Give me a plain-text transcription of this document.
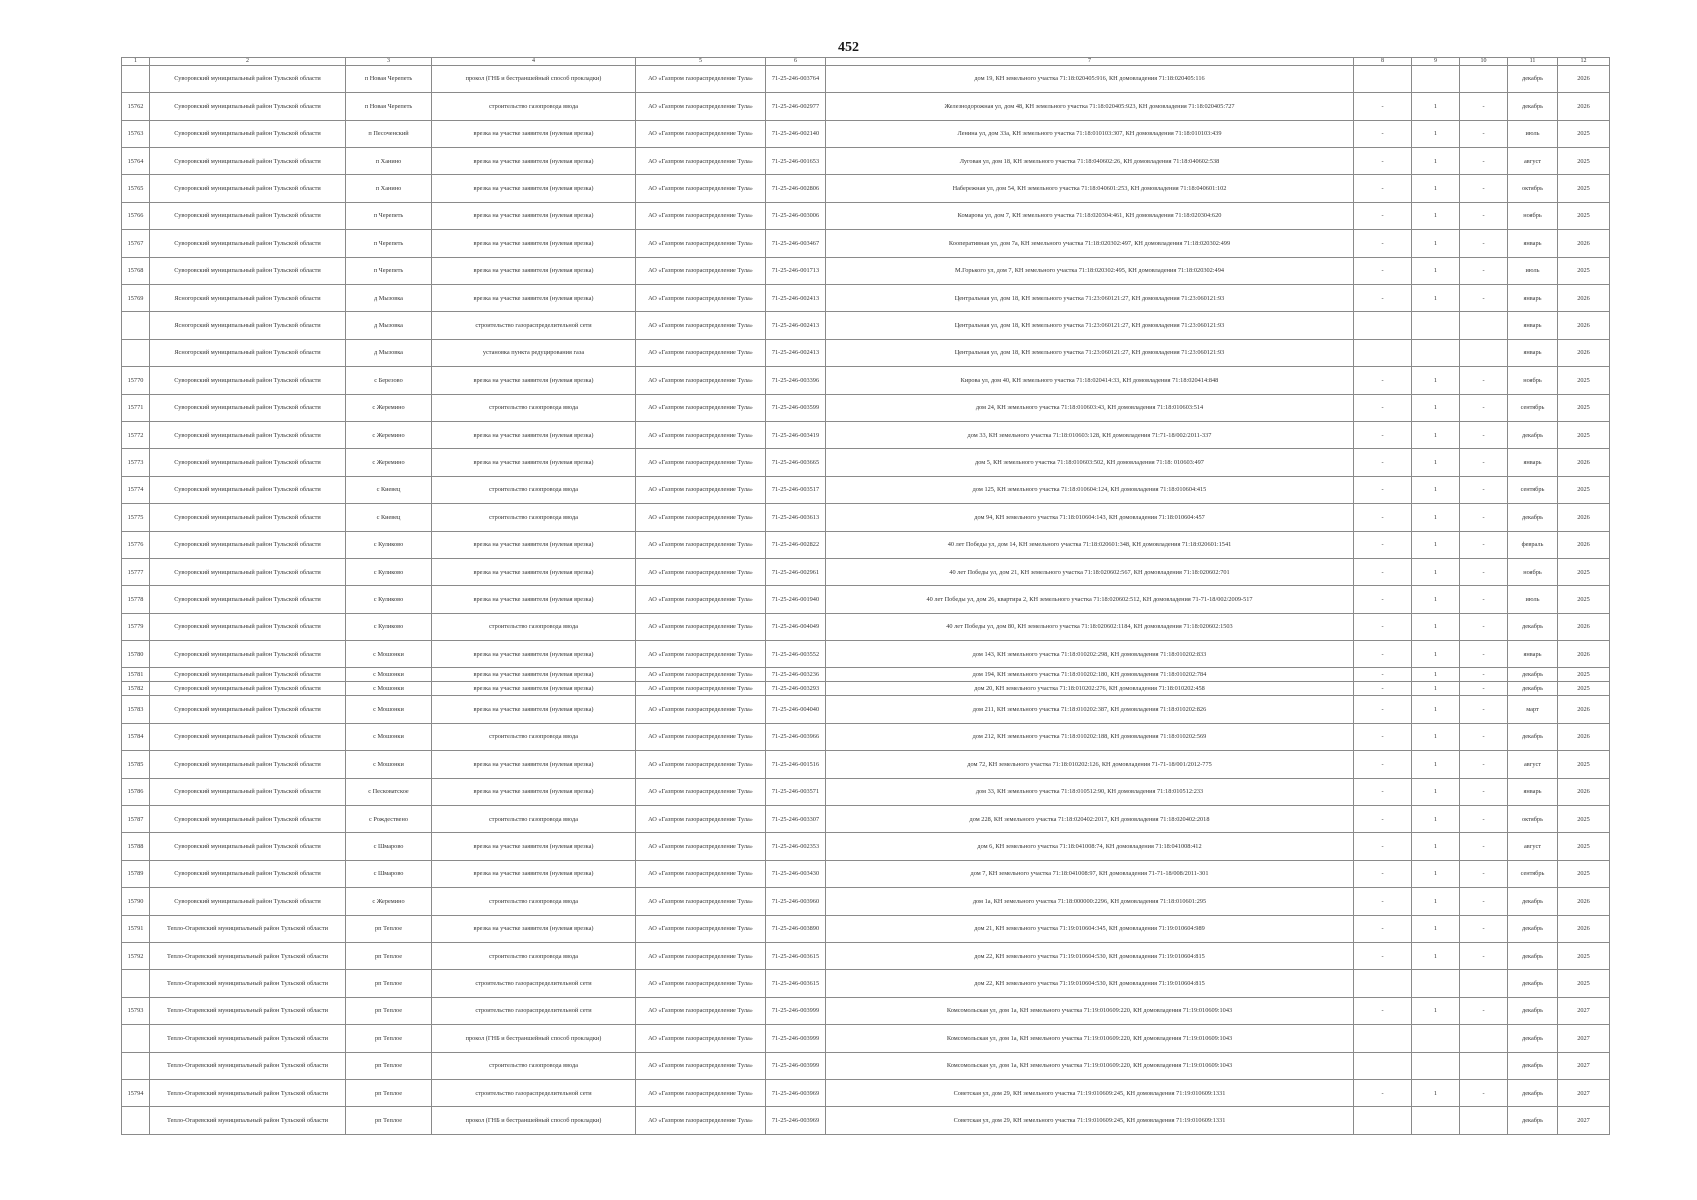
452
1	2	3	4	5	6	7	8	9	10	11	12
	Суворовский муниципальный район Тульской области	п Новая Черепеть	прокол (ГНБ и бестраншейный способ прокладки)	АО «Газпром газораспределение Тула»	71-25-246-003764	дом 19, КН земельного участка 71:18:020405:916, КН домовладения 71:18:020405:116				декабрь	2026
15762	Суворовский муниципальный район Тульской области	п Новая Черепеть	строительство газопровода ввода	АО «Газпром газораспределение Тула»	71-25-246-002977	Железнодорожная ул, дом 48, КН земельного участка 71:18:020405:923, КН домовладения 71:18:020405:727	-	1	-	декабрь	2026
15763	Суворовский муниципальный район Тульской области	п Песоченский	врезка на участке заявителя (нулевая врезка)	АО «Газпром газораспределение Тула»	71-25-246-002140	Ленина ул, дом 33а, КН земельного участка 71:18:010103:307, КН домовладения 71:18:010103:439	-	1	-	июль	2025
15764	Суворовский муниципальный район Тульской области	п Ханино	врезка на участке заявителя (нулевая врезка)	АО «Газпром газораспределение Тула»	71-25-246-001653	Луговая ул, дом 18, КН земельного участка 71:18:040602:26, КН домовладения 71:18:040602:538	-	1	-	август	2025
15765	Суворовский муниципальный район Тульской области	п Ханино	врезка на участке заявителя (нулевая врезка)	АО «Газпром газораспределение Тула»	71-25-246-002806	Набережная ул, дом 54, КН земельного участка 71:18:040601:253, КН домовладения 71:18:040601:102	-	1	-	октябрь	2025
15766	Суворовский муниципальный район Тульской области	п Черепеть	врезка на участке заявителя (нулевая врезка)	АО «Газпром газораспределение Тула»	71-25-246-003006	Комарова ул, дом 7, КН земельного участка 71:18:020304:461, КН домовладения 71:18:020304:620	-	1	-	ноябрь	2025
15767	Суворовский муниципальный район Тульской области	п Черепеть	врезка на участке заявителя (нулевая врезка)	АО «Газпром газораспределение Тула»	71-25-246-003467	Кооперативная ул, дом 7а, КН земельного участка 71:18:020302:497, КН домовладения 71:18:020302:499	-	1	-	январь	2026
15768	Суворовский муниципальный район Тульской области	п Черепеть	врезка на участке заявителя (нулевая врезка)	АО «Газпром газораспределение Тула»	71-25-246-001713	М.Горького ул, дом 7, КН земельного участка 71:18:020302:495, КН домовладения 71:18:020302:494	-	1	-	июль	2025
15769	Ясногорский муниципальный район Тульской области	д Мызовка	врезка на участке заявителя (нулевая врезка)	АО «Газпром газораспределение Тула»	71-25-246-002413	Центральная ул, дом 18, КН земельного участка 71:23:060121:27, КН домовладения 71:23:060121:93	-	1	-	январь	2026
	Ясногорский муниципальный район Тульской области	д Мызовка	строительство газораспределительной сети	АО «Газпром газораспределение Тула»	71-25-246-002413	Центральная ул, дом 18, КН земельного участка 71:23:060121:27, КН домовладения 71:23:060121:93				январь	2026
	Ясногорский муниципальный район Тульской области	д Мызовка	установка пункта редуцирования газа	АО «Газпром газораспределение Тула»	71-25-246-002413	Центральная ул, дом 18, КН земельного участка 71:23:060121:27, КН домовладения 71:23:060121:93				январь	2026
15770	Суворовский муниципальный район Тульской области	с Березово	врезка на участке заявителя (нулевая врезка)	АО «Газпром газораспределение Тула»	71-25-246-003396	Кирова ул, дом 40, КН земельного участка 71:18:020414:33, КН домовладения 71:18:020414:848	-	1	-	ноябрь	2025
15771	Суворовский муниципальный район Тульской области	с Жеремино	строительство газопровода ввода	АО «Газпром газораспределение Тула»	71-25-246-003599	дом 24, КН земельного участка 71:18:010603:43, КН домовладения 71:18:010603:514	-	1	-	сентябрь	2025
15772	Суворовский муниципальный район Тульской области	с Жеремино	врезка на участке заявителя (нулевая врезка)	АО «Газпром газораспределение Тула»	71-25-246-003419	дом 33, КН земельного участка 71:18:010603:128, КН домовладения 71:71-18/002/2011-337	-	1	-	декабрь	2025
15773	Суворовский муниципальный район Тульской области	с Жеремино	врезка на участке заявителя (нулевая врезка)	АО «Газпром газораспределение Тула»	71-25-246-003665	дом 5, КН земельного участка 71:18:010603:502, КН домовладения 71:18: 010603:497	-	1	-	январь	2026
15774	Суворовский муниципальный район Тульской области	с Киевец	строительство газопровода ввода	АО «Газпром газораспределение Тула»	71-25-246-003517	дом 125, КН земельного участка 71:18:010604:124, КН домовладения 71:18:010604:415	-	1	-	сентябрь	2025
15775	Суворовский муниципальный район Тульской области	с Киевец	строительство газопровода ввода	АО «Газпром газораспределение Тула»	71-25-246-003613	дом 94, КН земельного участка 71:18:010604:143, КН домовладения 71:18:010604:457	-	1	-	декабрь	2026
15776	Суворовский муниципальный район Тульской области	с Куликово	врезка на участке заявителя (нулевая врезка)	АО «Газпром газораспределение Тула»	71-25-246-002822	40 лет Победы ул, дом 14, КН земельного участка 71:18:020601:348, КН домовладения 71:18:020601:1541	-	1	-	февраль	2026
15777	Суворовский муниципальный район Тульской области	с Куликово	врезка на участке заявителя (нулевая врезка)	АО «Газпром газораспределение Тула»	71-25-246-002961	40 лет Победы ул, дом 21, КН земельного участка 71:18:020602:567, КН домовладения 71:18:020602:701	-	1	-	ноябрь	2025
15778	Суворовский муниципальный район Тульской области	с Куликово	врезка на участке заявителя (нулевая врезка)	АО «Газпром газораспределение Тула»	71-25-246-001940	40 лет Победы ул, дом 26, квартира 2, КН земельного участка 71:18:020602:512, КН домовладения 71-71-18/002/2009-517	-	1	-	июль	2025
15779	Суворовский муниципальный район Тульской области	с Куликово	строительство газопровода ввода	АО «Газпром газораспределение Тула»	71-25-246-004049	40 лет Победы ул, дом 80, КН земельного участка 71:18:020602:1184, КН домовладения 71:18:020602:1503	-	1	-	декабрь	2026
15780	Суворовский муниципальный район Тульской области	с Мошонки	врезка на участке заявителя (нулевая врезка)	АО «Газпром газораспределение Тула»	71-25-246-003552	дом 143, КН земельного участка 71:18:010202:298, КН домовладения 71:18:010202:833	-	1	-	январь	2026
15781	Суворовский муниципальный район Тульской области	с Мошонки	врезка на участке заявителя (нулевая врезка)	АО «Газпром газораспределение Тула»	71-25-246-003236	дом 194, КН земельного участка 71:18:010202:180, КН домовладения 71:18:010202:784	-	1	-	декабрь	2025
15782	Суворовский муниципальный район Тульской области	с Мошонки	врезка на участке заявителя (нулевая врезка)	АО «Газпром газораспределение Тула»	71-25-246-003293	дом 20, КН земельного участка 71:18:010202:276, КН домовладения 71:18:010202:458	-	1	-	декабрь	2025
15783	Суворовский муниципальный район Тульской области	с Мошонки	врезка на участке заявителя (нулевая врезка)	АО «Газпром газораспределение Тула»	71-25-246-004040	дом 211, КН земельного участка 71:18:010202:387, КН домовладения 71:18:010202:826	-	1	-	март	2026
15784	Суворовский муниципальный район Тульской области	с Мошонки	строительство газопровода ввода	АО «Газпром газораспределение Тула»	71-25-246-003966	дом 212, КН земельного участка 71:18:010202:188, КН домовладения 71:18:010202:569	-	1	-	декабрь	2026
15785	Суворовский муниципальный район Тульской области	с Мошонки	врезка на участке заявителя (нулевая врезка)	АО «Газпром газораспределение Тула»	71-25-246-001516	дом 72, КН земельного участка 71:18:010202:126, КН домовладения 71-71-18/001/2012-775	-	1	-	август	2025
15786	Суворовский муниципальный район Тульской области	с Песковатское	врезка на участке заявителя (нулевая врезка)	АО «Газпром газораспределение Тула»	71-25-246-003571	дом 33, КН земельного участка 71:18:010512:90, КН домовладения 71:18:010512:233	-	1	-	январь	2026
15787	Суворовский муниципальный район Тульской области	с Рождествено	строительство газопровода ввода	АО «Газпром газораспределение Тула»	71-25-246-003307	дом 228, КН земельного участка 71:18:020402:2017, КН домовладения 71:18:020402:2018	-	1	-	октябрь	2025
15788	Суворовский муниципальный район Тульской области	с Шмарово	врезка на участке заявителя (нулевая врезка)	АО «Газпром газораспределение Тула»	71-25-246-002353	дом 6, КН земельного участка 71:18:041008:74, КН домовладения 71:18:041008:412	-	1	-	август	2025
15789	Суворовский муниципальный район Тульской области	с Шмарово	врезка на участке заявителя (нулевая врезка)	АО «Газпром газораспределение Тула»	71-25-246-003430	дом 7, КН земельного участка 71:18:041008:97, КН домовладения 71-71-18/008/2011-301	-	1	-	сентябрь	2025
15790	Суворовский муниципальный район Тульской области	с Жеремино	строительство газопровода ввода	АО «Газпром газораспределение Тула»	71-25-246-003960	дом 1а, КН земельного участка 71:18:000000:2296, КН домовладения 71:18:010601:295	-	1	-	декабрь	2026
15791	Тепло-Огаревский муниципальный район Тульской области	рп Теплое	врезка на участке заявителя (нулевая врезка)	АО «Газпром газораспределение Тула»	71-25-246-003890	дом 21, КН земельного участка 71:19:010604:345, КН домовладения 71:19:010604:989	-	1	-	декабрь	2026
15792	Тепло-Огаревский муниципальный район Тульской области	рп Теплое	строительство газопровода ввода	АО «Газпром газораспределение Тула»	71-25-246-003615	дом 22, КН земельного участка 71:19:010604:530, КН домовладения 71:19:010604:815	-	1	-	декабрь	2025
	Тепло-Огаревский муниципальный район Тульской области	рп Теплое	строительство газораспределительной сети	АО «Газпром газораспределение Тула»	71-25-246-003615	дом 22, КН земельного участка 71:19:010604:530, КН домовладения 71:19:010604:815				декабрь	2025
15793	Тепло-Огаревский муниципальный район Тульской области	рп Теплое	строительство газораспределительной сети	АО «Газпром газораспределение Тула»	71-25-246-003999	Комсомольская ул, дом 1а, КН земельного участка 71:19:010609:220, КН домовладения 71:19:010609:1043	-	1	-	декабрь	2027
	Тепло-Огаревский муниципальный район Тульской области	рп Теплое	прокол (ГНБ и бестраншейный способ прокладки)	АО «Газпром газораспределение Тула»	71-25-246-003999	Комсомольская ул, дом 1а, КН земельного участка 71:19:010609:220, КН домовладения 71:19:010609:1043				декабрь	2027
	Тепло-Огаревский муниципальный район Тульской области	рп Теплое	строительство газопровода ввода	АО «Газпром газораспределение Тула»	71-25-246-003999	Комсомольская ул, дом 1а, КН земельного участка 71:19:010609:220, КН домовладения 71:19:010609:1043				декабрь	2027
15794	Тепло-Огаревский муниципальный район Тульской области	рп Теплое	строительство газораспределительной сети	АО «Газпром газораспределение Тула»	71-25-246-003969	Советская ул, дом 29, КН земельного участка 71:19:010609:245, КН домовладения 71:19:010609:1331	-	1	-	декабрь	2027
	Тепло-Огаревский муниципальный район Тульской области	рп Теплое	прокол (ГНБ и бестраншейный способ прокладки)	АО «Газпром газораспределение Тула»	71-25-246-003969	Советская ул, дом 29, КН земельного участка 71:19:010609:245, КН домовладения 71:19:010609:1331				декабрь	2027
